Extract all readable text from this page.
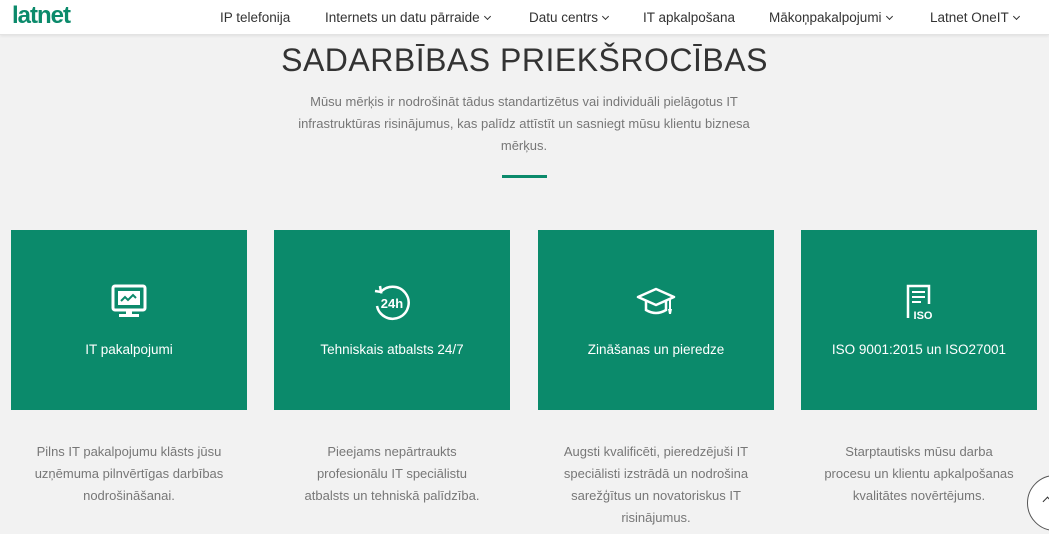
latnet	IP telefonija	Internets un datu pārraide	Datu centrs	IT apkalpošana	Mākoņpakalpojumi	Latnet OneIT
SADARBĪBAS PRIEKŠROCĪBAS
Mūsu mērķis ir nodrošināt tādus standartizētus vai individuāli pielāgotus IT
infrastruktūras risinājumus, kas palīdz attīstīt un sasniegt mūsu klientu biznesa
mērķus.
IT pakalpojumi
24h
Tehniskais atbalsts 24/7	Zināšanas un pieredze
ISO
ISO 9001:2015 un ISO27001
Pilns IT pakalpojumu klāsts jūsu
uzņēmuma pilnvērtīgas darbības
nodrošināšanai.
Pieejams nepārtraukts
profesionālu IT speciālistu
atbalsts un tehniskā palīdzība.
Augsti kvalificēti, pieredzējuši IT
speciālisti izstrādā un nodrošina
sarežģītus un novatoriskus IT
risinājumus.
Starptautisks mūsu darba
procesu un klientu apkalpošanas
kvalitātes novērtējums.
